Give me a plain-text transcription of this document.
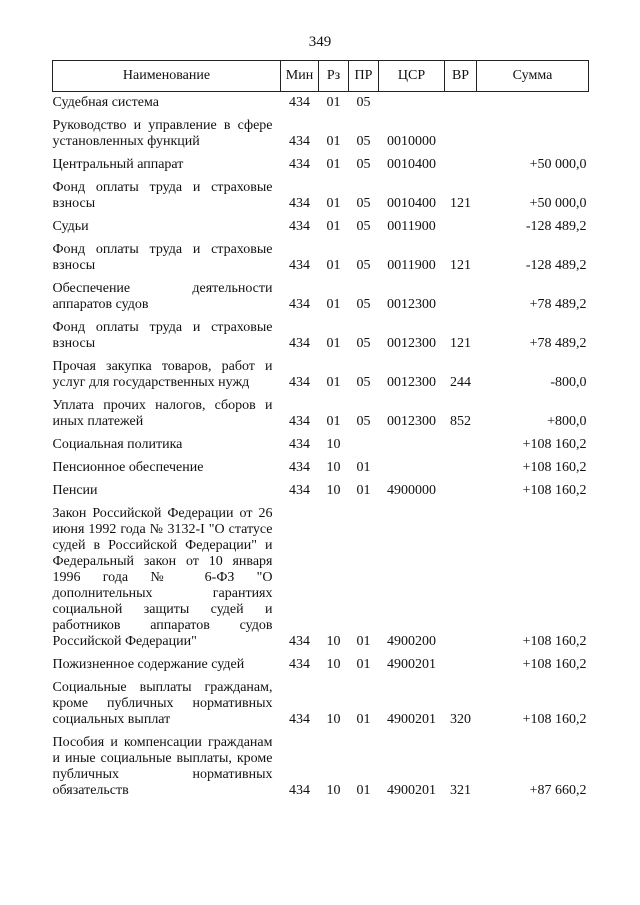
349
Наименование	Мин	Рз	ПР	ЦСР	ВР	Сумма
Судебная система	434	01	05			
Руководство и управление в сфере установленных функций	434	01	05	0010000		
Центральный аппарат	434	01	05	0010400		+50 000,0
Фонд оплаты труда и страховые взносы	434	01	05	0010400	121	+50 000,0
Судьи	434	01	05	0011900		-128 489,2
Фонд оплаты труда и страховые взносы	434	01	05	0011900	121	-128 489,2
Обеспечение деятельности аппаратов судов	434	01	05	0012300		+78 489,2
Фонд оплаты труда и страховые взносы	434	01	05	0012300	121	+78 489,2
Прочая закупка товаров, работ и услуг для государственных нужд	434	01	05	0012300	244	-800,0
Уплата прочих налогов, сборов и иных платежей	434	01	05	0012300	852	+800,0
Социальная политика	434	10				+108 160,2
Пенсионное обеспечение	434	10	01			+108 160,2
Пенсии	434	10	01	4900000		+108 160,2
Закон Российской Федерации от 26 июня 1992 года № 3132-I "О статусе судей в Российской Федерации" и Федеральный закон от 10 января 1996 года № 6-ФЗ "О дополнительных гарантиях социальной защиты судей и работников аппаратов судов Российской Федерации"	434	10	01	4900200		+108 160,2
Пожизненное содержание судей	434	10	01	4900201		+108 160,2
Социальные выплаты гражданам, кроме публичных нормативных социальных выплат	434	10	01	4900201	320	+108 160,2
Пособия и компенсации гражданам и иные социальные выплаты, кроме публичных нормативных обязательств	434	10	01	4900201	321	+87 660,2
